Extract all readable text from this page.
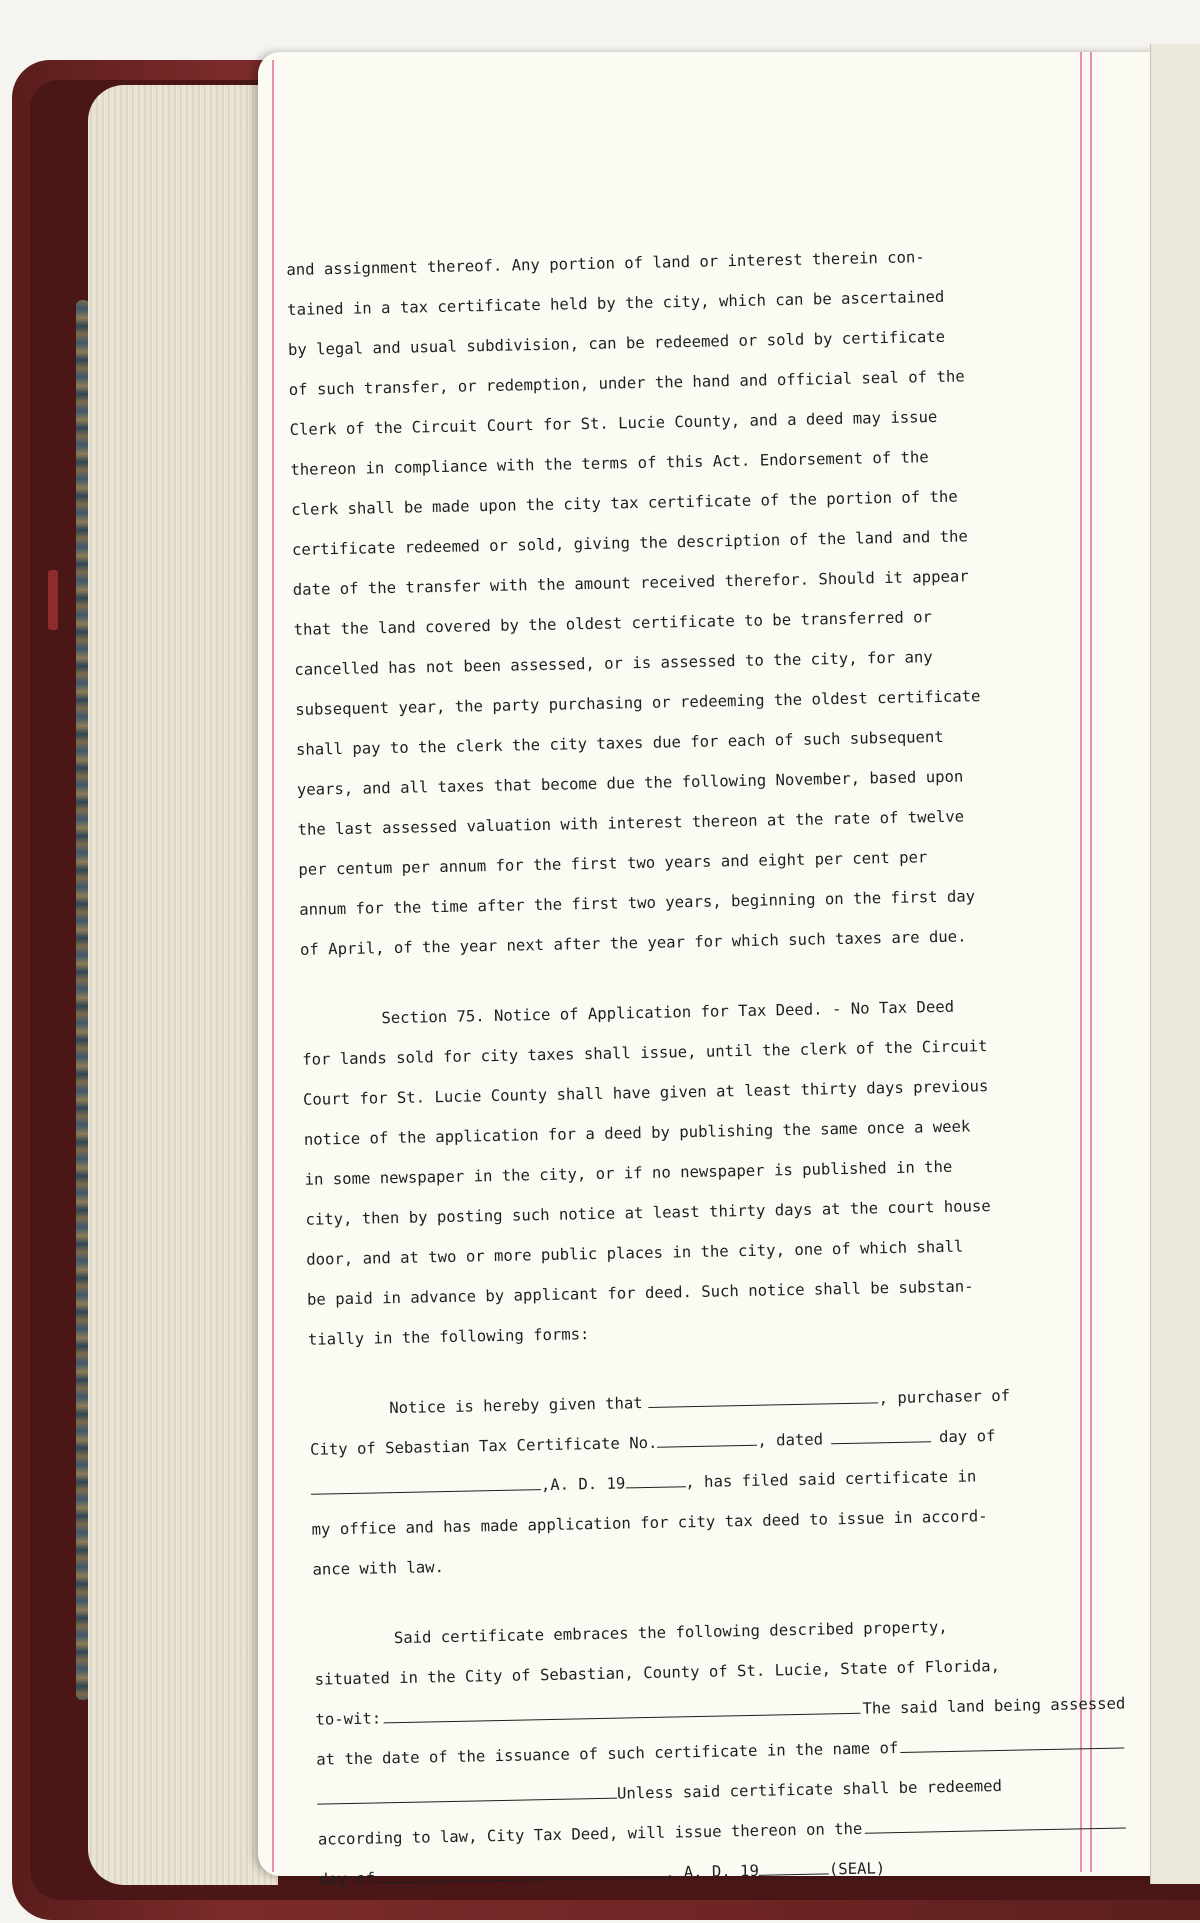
and assignment thereof. Any portion of land or interest therein con-

tained in a tax certificate held by the city, which can be ascertained

by legal and usual subdivision, can be redeemed or sold by certificate

of such transfer, or redemption, under the hand and official seal of the

Clerk of the Circuit Court for St. Lucie County, and a deed may issue

thereon in compliance with the terms of this Act. Endorsement of the

clerk shall be made upon the city tax certificate of the portion of the

certificate redeemed or sold, giving the description of the land and the

date of the transfer with the amount received therefor. Should it appear

that the land covered by the oldest certificate to be transferred or

cancelled has not been assessed, or is assessed to the city, for any

subsequent year, the party purchasing or redeeming the oldest certificate

shall pay to the clerk the city taxes due for each of such subsequent

years, and all taxes that become due the following November, based upon

the last assessed valuation with interest thereon at the rate of twelve

per centum per annum for the first two years and eight per cent per

annum for the time after the first two years, beginning on the first day

of April, of the year next after the year for which such taxes are due.

Section 75. Notice of Application for Tax Deed. - No Tax Deed

for lands sold for city taxes shall issue, until the clerk of the Circuit

Court for St. Lucie County shall have given at least thirty days previous

notice of the application for a deed by publishing the same once a week

in some newspaper in the city, or if no newspaper is published in the

city, then by posting such notice at least thirty days at the court house

door, and at two or more public places in the city, one of which shall

be paid in advance by applicant for deed. Such notice shall be substan-

tially in the following forms:

Notice is hereby given that	, purchaser of
City of Sebastian Tax Certificate No.	, dated	day of
,A. D. 19	, has filed said certificate in

my office and has made application for city tax deed to issue in accord-

ance with law.

Said certificate embraces the following described property,

situated in the City of Sebastian, County of St. Lucie, State of Florida,

to-wit:
The said land being assessed
at the date of the issuance of such certificate in the name of
Unless said certificate shall be redeemed
according to law, City Tax Deed, will issue thereon on the
day of	, A. D. 19	(SEAL)
